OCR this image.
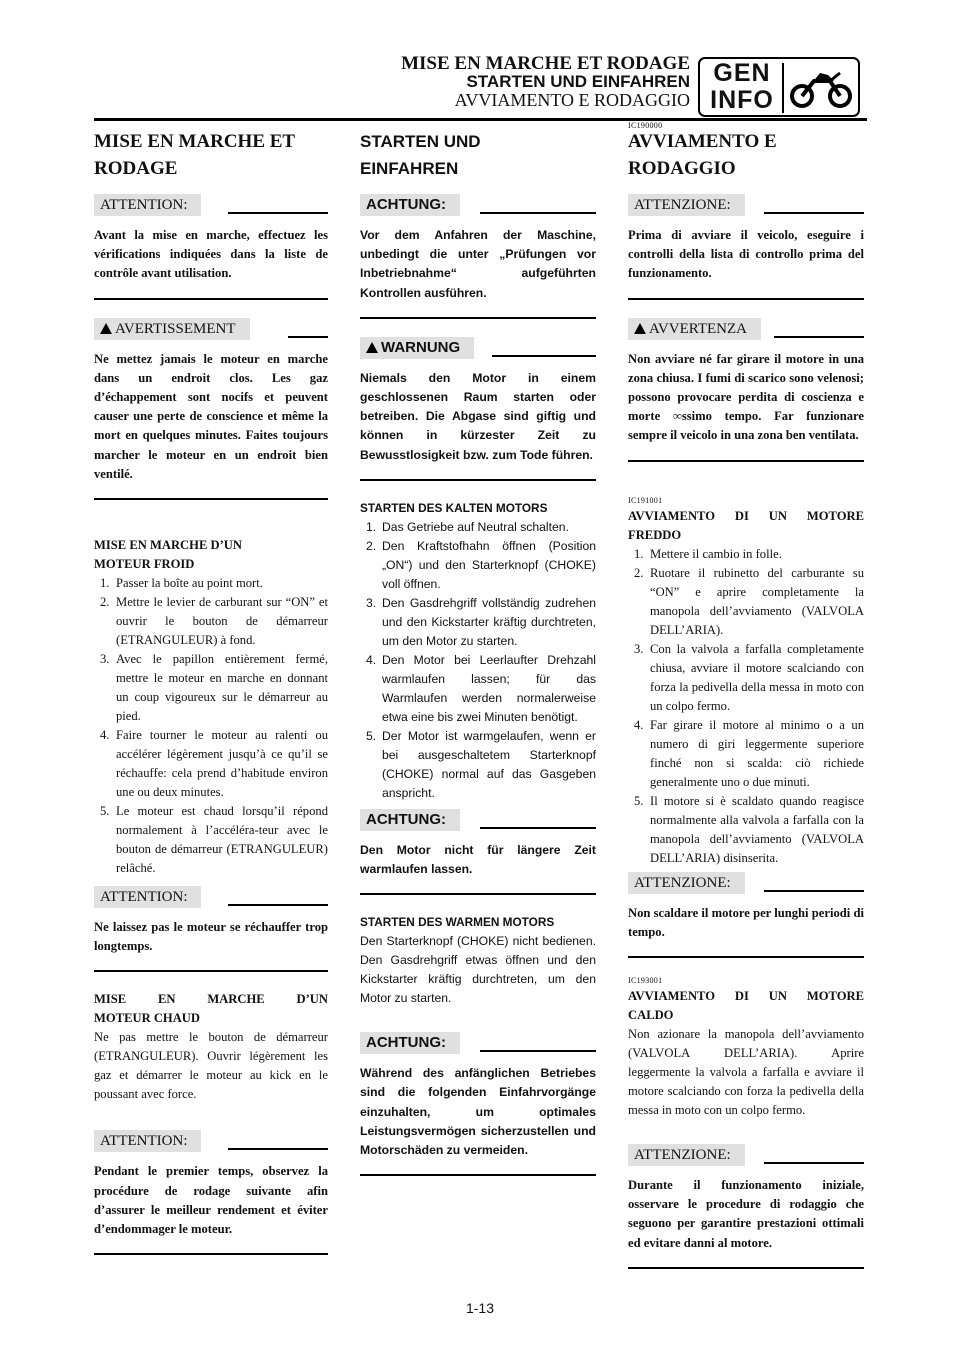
MISE EN MARCHE ET RODAGE
STARTEN UND EINFAHREN
AVVIAMENTO E RODAGGIO
GEN
INFO
MISE EN MARCHE ET RODAGE
ATTENTION:

Avant la mise en marche, effectuez les vérifications indiquées dans la liste de contrôle avant utilisation.

AVERTISSEMENT

Ne mettez jamais le moteur en marche dans un endroit clos. Les gaz d’échappement sont nocifs et peuvent causer une perte de conscience et même la mort en quelques minutes. Faites toujours marcher le moteur en un endroit bien ventilé.

MISE EN MARCHE D’UN
MOTEUR FROID
1. Passer la boîte au point mort.
2. Mettre le levier de carburant sur “ON” et ouvrir le bouton de démarreur (ETRANGULEUR) à fond.
3. Avec le papillon entièrement fermé, mettre le moteur en marche en donnant un coup vigoureux sur le démarreur au pied.
4. Faire tourner le moteur au ralenti ou accélérer légèrement jusqu’à ce qu’il se réchauffe: cela prend d’habitude environ une ou deux minutes.
5. Le moteur est chaud lorsqu’il répond normalement à l’accéléra-teur avec le bouton de démarreur (ETRANGULEUR) relâché.
ATTENTION:

Ne laissez pas le moteur se réchauffer trop longtemps.

MISE EN MARCHE D’UN
MOTEUR CHAUD

Ne pas mettre le bouton de démarreur (ETRANGULEUR). Ouvrir légèrement les gaz et démarrer le moteur au kick en le poussant avec force.

ATTENTION:

Pendant le premier temps, observez la procédure de rodage suivante afin d’assurer le meilleur rendement et éviter d’endommager le moteur.

STARTEN UND EINFAHREN
ACHTUNG:

Vor dem Anfahren der Maschine, unbedingt die unter „Prüfungen vor Inbetriebnahme“ aufgeführten Kontrollen ausführen.

WARNUNG

Niemals den Motor in einem geschlossenen Raum starten oder betreiben. Die Abgase sind giftig und können in kürzester Zeit zu Bewusstlosigkeit bzw. zum Tode führen.

STARTEN DES KALTEN MOTORS
1. Das Getriebe auf Neutral schalten.
2. Den Kraftstofhahn öffnen (Position „ON“) und den Starterknopf (CHOKE) voll öffnen.
3. Den Gasdrehgriff vollständig zudrehen und den Kickstarter kräftig durchtreten, um den Motor zu starten.
4. Den Motor bei Leerlaufter Drehzahl warmlaufen lassen; für das Warmlaufen werden normalerweise etwa eine bis zwei Minuten benötigt.
5. Der Motor ist warmgelaufen, wenn er bei ausgeschaltetem Starterknopf (CHOKE) normal auf das Gasgeben anspricht.
ACHTUNG:

Den Motor nicht für längere Zeit warmlaufen lassen.

STARTEN DES WARMEN MOTORS

Den Starterknopf (CHOKE) nicht bedienen. Den Gasdrehgriff etwas öffnen und den Kickstarter kräftig durchtreten, um den Motor zu starten.

ACHTUNG:

Während des anfänglichen Betriebes sind die folgenden Einfahrvorgänge einzuhalten, um optimales Leistungsvermögen sicherzustellen und Motorschäden zu vermeiden.

IC190000
AVVIAMENTO E RODAGGIO
ATTENZIONE:

Prima di avviare il veicolo, eseguire i controlli della lista di controllo prima del funzionamento.

AVVERTENZA

Non avviare né far girare il motore in una zona chiusa. I fumi di scarico sono velenosi; possono provocare perdita di coscienza e morte ∞ssimo tempo. Far funzionare sempre il veicolo in una zona ben ventilata.

IC191001
AVVIAMENTO DI UN MOTORE
FREDDO
1. Mettere il cambio in folle.
2. Ruotare il rubinetto del carburante su “ON” e aprire completamente la manopola dell’avviamento (VALVOLA DELL’ARIA).
3. Con la valvola a farfalla completamente chiusa, avviare il motore scalciando con forza la pedivella della messa in moto con un colpo fermo.
4. Far girare il motore al minimo o a un numero di giri leggermente superiore finché non si scalda: ciò richiede generalmente uno o due minuti.
5. Il motore si è scaldato quando reagisce normalmente alla valvola a farfalla con la manopola dell’avviamento (VALVOLA DELL’ARIA) disinserita.
ATTENZIONE:

Non scaldare il motore per lunghi periodi di tempo.

IC193001
AVVIAMENTO DI UN MOTORE
CALDO

Non azionare la manopola dell’avviamento (VALVOLA DELL’ARIA). Aprire leggermente la valvola a farfalla e avviare il motore scalciando con forza la pedivella della messa in moto con un colpo fermo.

ATTENZIONE:

Durante il funzionamento iniziale, osservare le procedure di rodaggio che seguono per garantire prestazioni ottimali ed evitare danni al motore.

1-13
